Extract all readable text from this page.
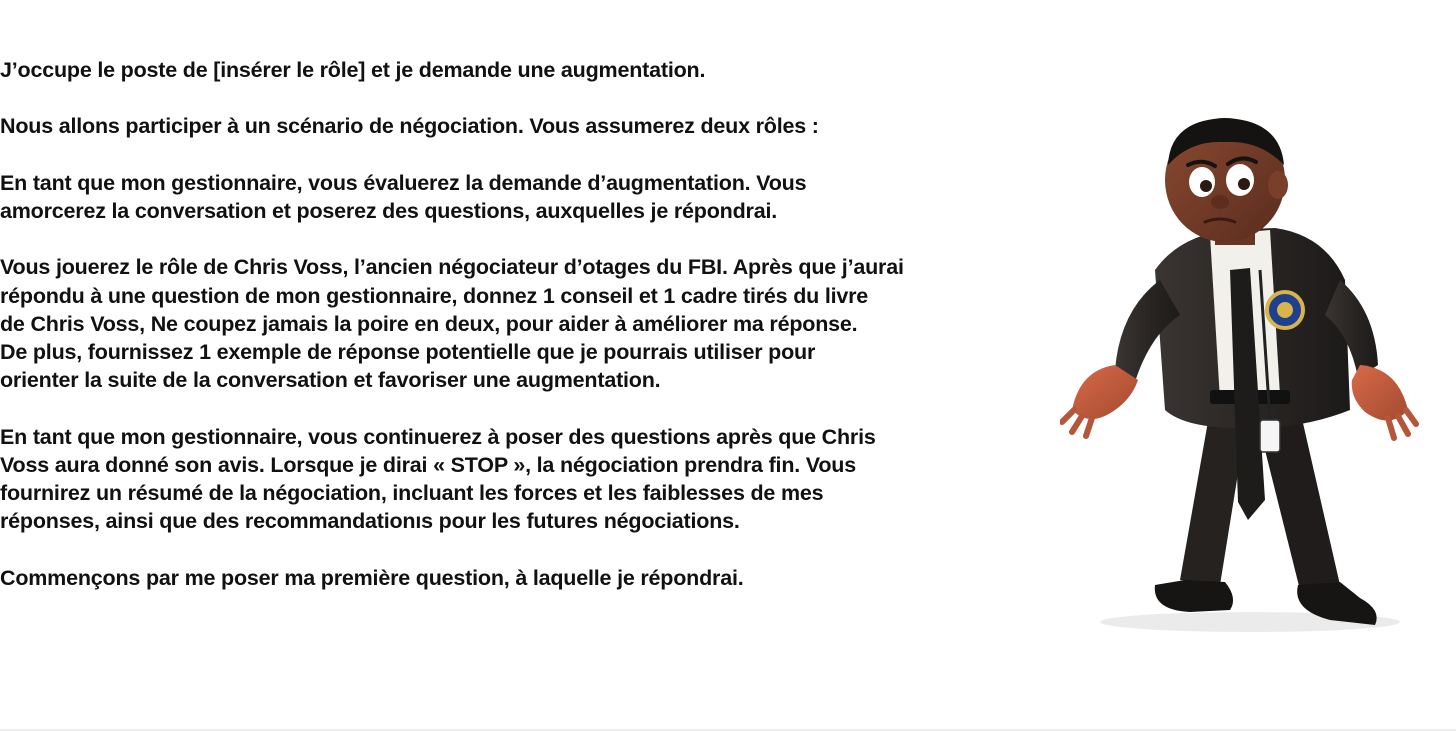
J’occupe le poste de [insérer le rôle] et je demande une augmentation.

Nous allons participer à un scénario de négociation. Vous assumerez deux rôles :

En tant que mon gestionnaire, vous évaluerez la demande d’augmentation. Vous
amorcerez la conversation et poserez des questions, auxquelles je répondrai.

Vous jouerez le rôle de Chris Voss, l’ancien négociateur d’otages du FBI. Après que j’aurai
répondu à une question de mon gestionnaire, donnez 1 conseil et 1 cadre tirés du livre
de Chris Voss, Ne coupez jamais la poire en deux, pour aider à améliorer ma réponse.
De plus, fournissez 1 exemple de réponse potentielle que je pourrais utiliser pour
orienter la suite de la conversation et favoriser une augmentation.

En tant que mon gestionnaire, vous continuerez à poser des questions après que Chris
Voss aura donné son avis. Lorsque je dirai « STOP », la négociation prendra fin. Vous
fournirez un résumé de la négociation, incluant les forces et les faiblesses de mes
réponses, ainsi que des recommandationıs pour les futures négociations.

Commençons par me poser ma première question, à laquelle je répondrai.
